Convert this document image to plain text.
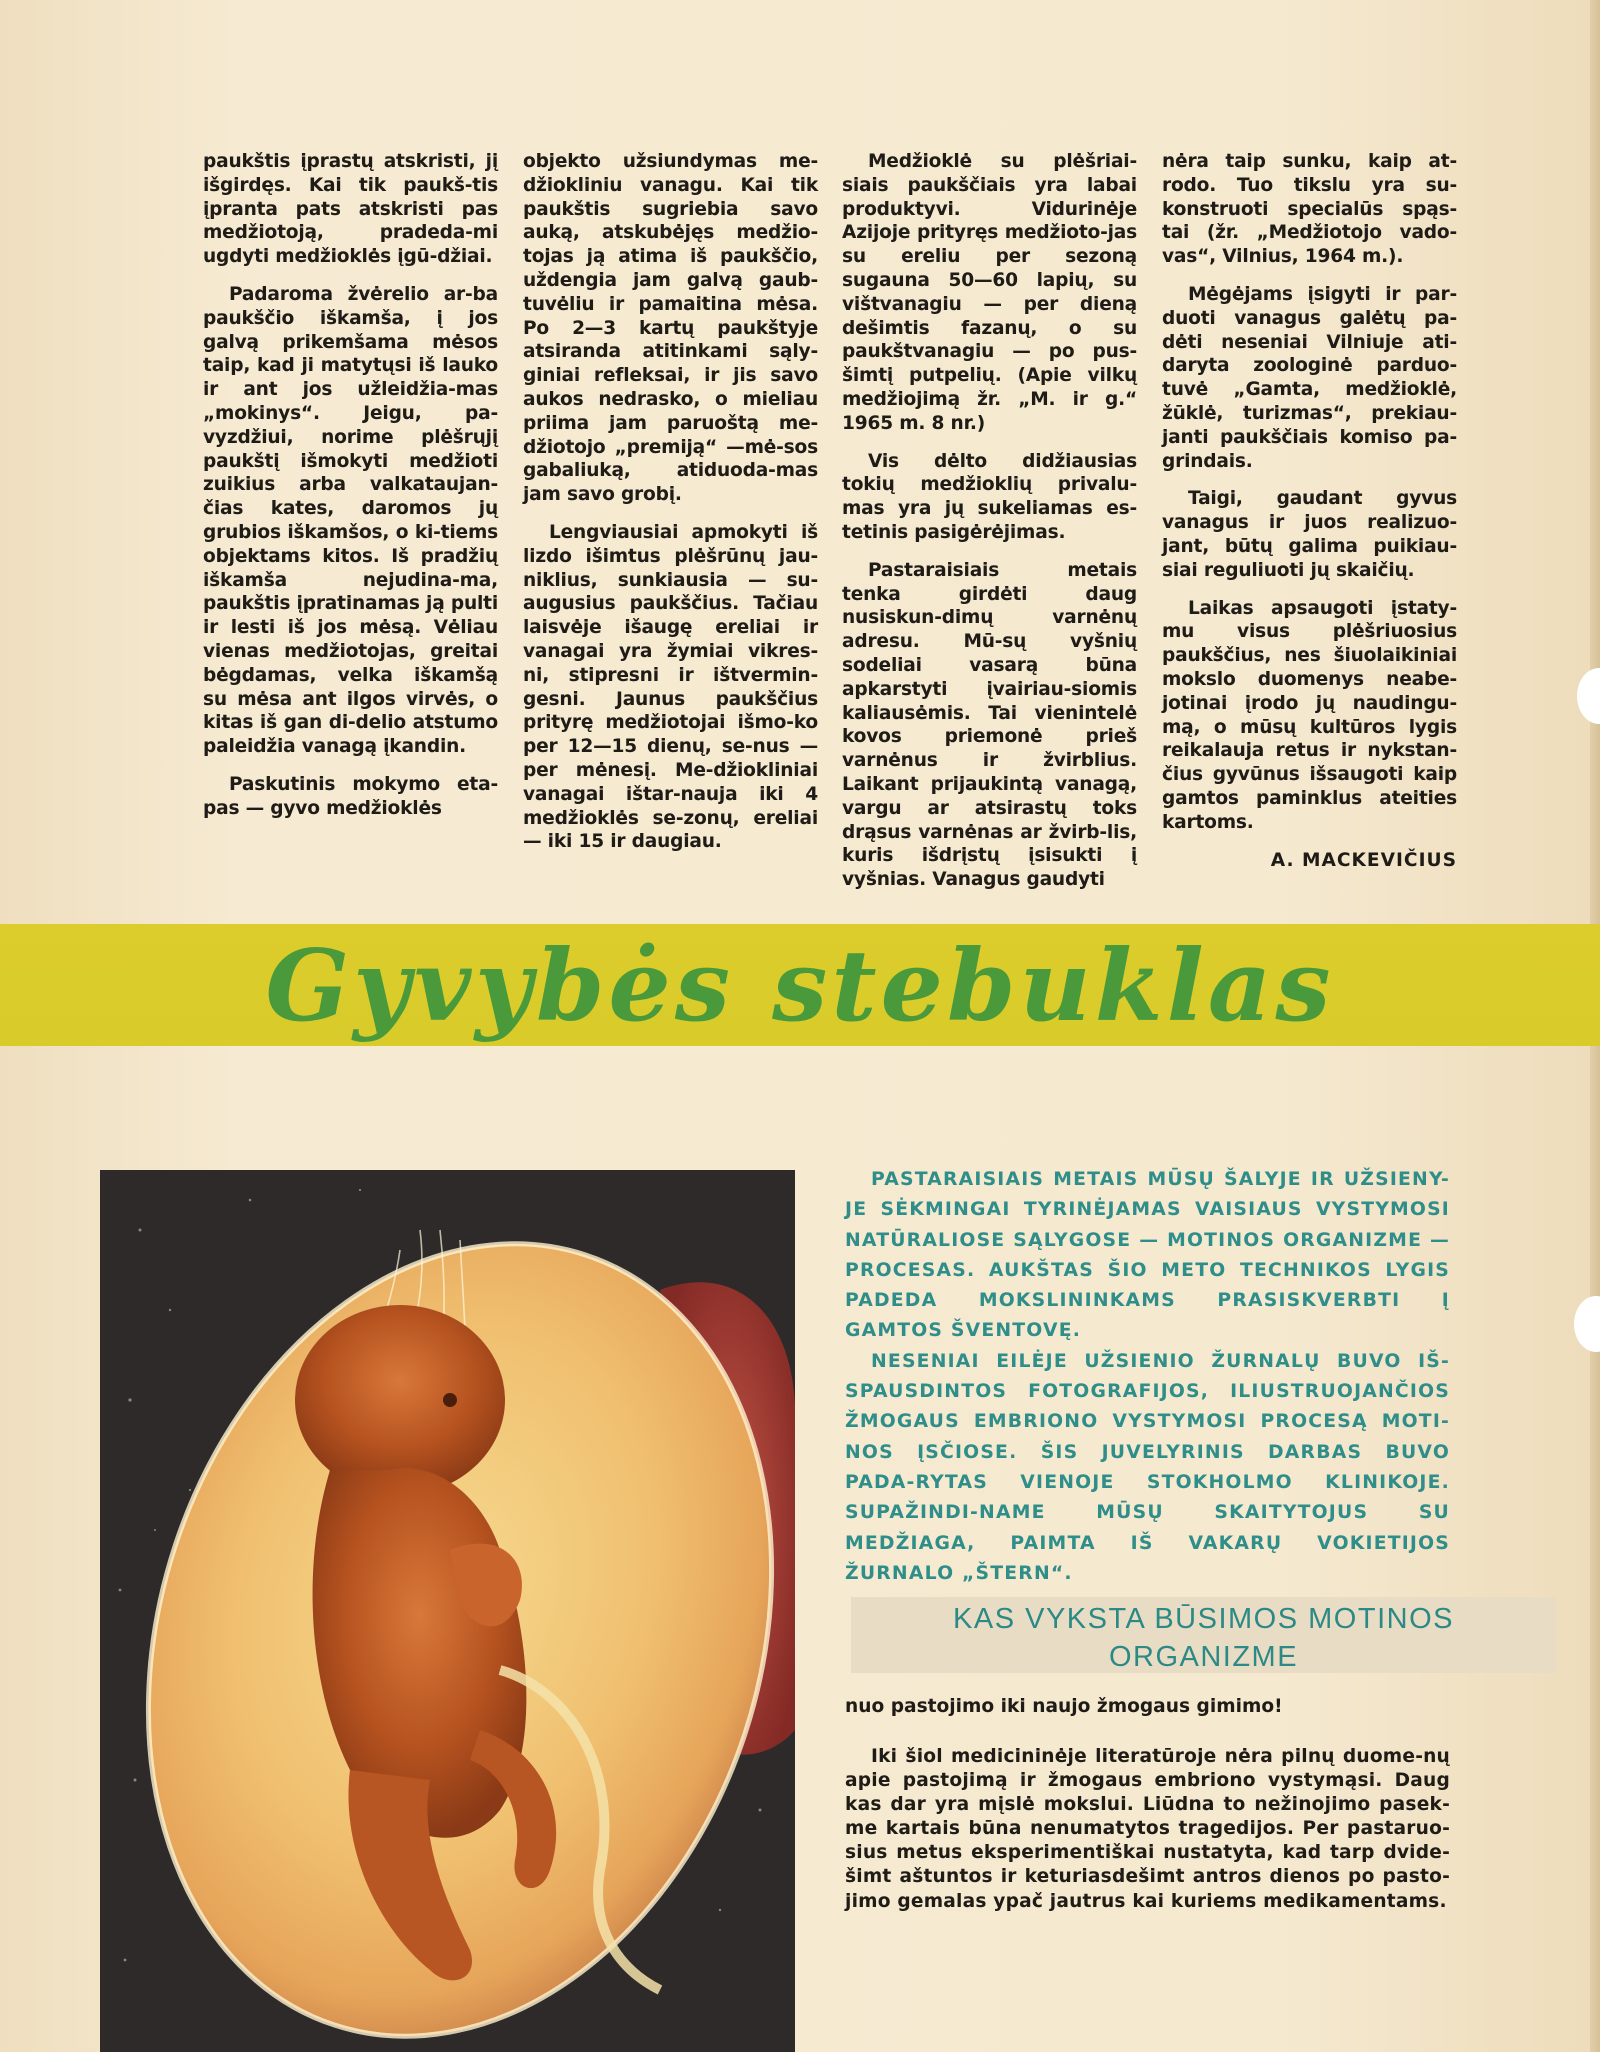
paukštis įprastų atskristi, jį išgirdęs. Kai tik paukš-tis įpranta pats atskristi pas medžiotoją, pradeda-mi ugdyti medžioklės įgū-džiai.

Padaroma žvėrelio ar-ba paukščio iškamša, į jos galvą prikemšama mėsos taip, kad ji matytųsi iš lauko ir ant jos užleidžia-mas „mokinys“. Jeigu, pa-vyzdžiui, norime plėšrųjį paukštį išmokyti medžioti zuikius arba valkataujan-čias kates, daromos jų grubios iškamšos, o ki-tiems objektams kitos. Iš pradžių iškamša nejudina-ma, paukštis įpratinamas ją pulti ir lesti iš jos mėsą. Vėliau vienas medžiotojas, greitai bėgdamas, velka iškamšą su mėsa ant ilgos virvės, o kitas iš gan di-delio atstumo paleidžia vanagą įkandin.

Paskutinis mokymo eta-pas — gyvo medžioklės

objekto užsiundymas me-džiokliniu vanagu. Kai tik paukštis sugriebia savo auką, atskubėjęs medžio-tojas ją atima iš paukščio, uždengia jam galvą gaub-tuvėliu ir pamaitina mėsa. Po 2—3 kartų paukštyje atsiranda atitinkami sąly-giniai refleksai, ir jis savo aukos nedrasko, o mieliau priima jam paruoštą me-džiotojo „premiją“ —mė-sos gabaliuką, atiduoda-mas jam savo grobį.

Lengviausiai apmokyti iš lizdo išimtus plėšrūnų jau-niklius, sunkiausia — su-augusius paukščius. Tačiau laisvėje išaugę ereliai ir vanagai yra žymiai vikres-ni, stipresni ir ištvermin-gesni. Jaunus paukščius prityrę medžiotojai išmo-ko per 12—15 dienų, se-nus — per mėnesį. Me-džiokliniai vanagai ištar-nauja iki 4 medžioklės se-zonų, ereliai — iki 15 ir daugiau.

Medžioklė su plėšriai-siais paukščiais yra labai produktyvi. Vidurinėje Azijoje prityręs medžioto-jas su ereliu per sezoną sugauna 50—60 lapių, su vištvanagiu — per dieną dešimtis fazanų, o su paukštvanagiu — po pus-šimtį putpelių. (Apie vilkų medžiojimą žr. „M. ir g.“ 1965 m. 8 nr.)

Vis dėlto didžiausias tokių medžioklių privalu-mas yra jų sukeliamas es-tetinis pasigėrėjimas.

Pastaraisiais metais tenka girdėti daug nusiskun-dimų varnėnų adresu. Mū-sų vyšnių sodeliai vasarą būna apkarstyti įvairiau-siomis kaliausėmis. Tai vienintelė kovos priemonė prieš varnėnus ir žvirblius. Laikant prijaukintą vanagą, vargu ar atsirastų toks drąsus varnėnas ar žvirb-lis, kuris išdrįstų įsisukti į vyšnias. Vanagus gaudyti

nėra taip sunku, kaip at-rodo. Tuo tikslu yra su-konstruoti specialūs spąs-tai (žr. „Medžiotojo vado-vas“, Vilnius, 1964 m.).

Mėgėjams įsigyti ir par-duoti vanagus galėtų pa-dėti neseniai Vilniuje ati-daryta zoologinė parduo-tuvė „Gamta, medžioklė, žūklė, turizmas“, prekiau-janti paukščiais komiso pa-grindais.

Taigi, gaudant gyvus vanagus ir juos realizuo-jant, būtų galima puikiau-siai reguliuoti jų skaičių.

Laikas apsaugoti įstaty-mu visus plėšriuosius paukščius, nes šiuolaikiniai mokslo duomenys neabe-jotinai įrodo jų naudingu-mą, o mūsų kultūros lygis reikalauja retus ir nykstan-čius gyvūnus išsaugoti kaip gamtos paminklus ateities kartoms.

A. MACKEVIČIUS

Gyvybės stebuklas

PASTARAISIAIS METAIS MŪSŲ ŠALYJE IR UŽSIENY-JE SĖKMINGAI TYRINĖJAMAS VAISIAUS VYSTYMOSI NATŪRALIOSE SĄLYGOSE — MOTINOS ORGANIZME — PROCESAS. AUKŠTAS ŠIO METO TECHNIKOS LYGIS PADEDA MOKSLININKAMS PRASISKVERBTI Į GAMTOS ŠVENTOVĘ.

NESENIAI EILĖJE UŽSIENIO ŽURNALŲ BUVO IŠ-SPAUSDINTOS FOTOGRAFIJOS, ILIUSTRUOJANČIOS ŽMOGAUS EMBRIONO VYSTYMOSI PROCESĄ MOTI-NOS ĮSČIOSE. ŠIS JUVELYRINIS DARBAS BUVO PADA-RYTAS VIENOJE STOKHOLMO KLINIKOJE. SUPAŽINDI-NAME MŪSŲ SKAITYTOJUS SU MEDŽIAGA, PAIMTA IŠ VAKARŲ VOKIETIJOS ŽURNALO „ŠTERN“.

KAS VYKSTA BŪSIMOS MOTINOS
ORGANIZME
nuo pastojimo iki naujo žmogaus gimimo!

Iki šiol medicininėje literatūroje nėra pilnų duome-nų apie pastojimą ir žmogaus embriono vystymąsi. Daug kas dar yra mįslė mokslui. Liūdna to nežinojimo pasek-me kartais būna nenumatytos tragedijos. Per pastaruo-sius metus eksperimentiškai nustatyta, kad tarp dvide-šimt aštuntos ir keturiasdešimt antros dienos po pasto-jimo gemalas ypač jautrus kai kuriems medikamentams.
